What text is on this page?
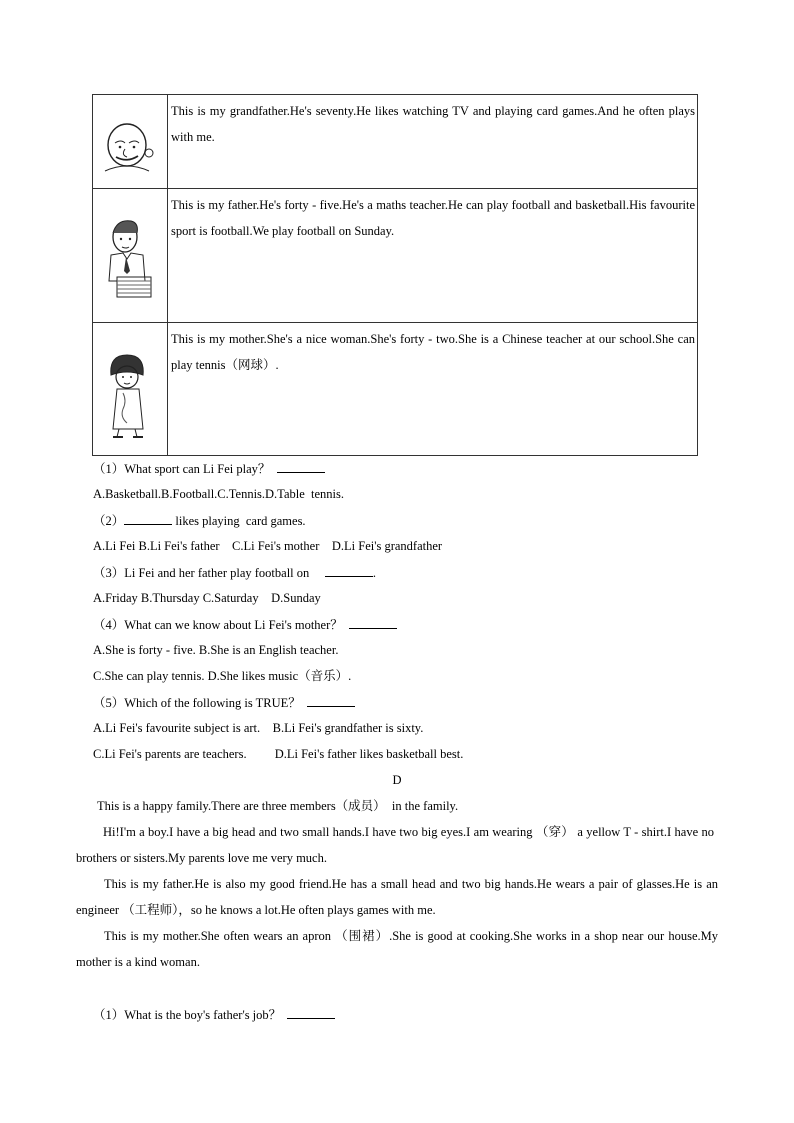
	This is my grandfather.He's seventy.He likes watching TV and playing card games.And he often plays with me.

	This is my father.He's forty - five.He's a maths teacher.He can play football and basketball.His favourite sport is football.We play football on Sunday.

	This is my mother.She's a nice woman.She's forty - two.She is a Chinese teacher at our school.She can play tennis（网球）.
（1）What sport can Li Fei play？
A.Basketball.B.Football.C.Tennis.D.Table  tennis.
（2）	likes playing  card games.
A.Li Fei B.Li Fei's father    C.Li Fei's mother    D.Li Fei's grandfather
（3）Li Fei and her father play football on	.
A.Friday B.Thursday C.Saturday    D.Sunday
（4）What can we know about Li Fei's mother？
A.She is forty - five. B.She is an English teacher.
C.She can play tennis. D.She likes music（音乐）.
（5）Which of the following is TRUE？
A.Li Fei's favourite subject is art.    B.Li Fei's grandfather is sixty.
C.Li Fei's parents are teachers.         D.Li Fei's father likes basketball best.
D
This is a happy family.There are three members（成员）  in the family.
Hi!I'm a boy.I have a big head and two small hands.I have two big eyes.I am wearing （穿） a yellow T - shirt.I have no brothers or sisters.My parents love me very much.
This is my father.He is also my good friend.He has a small head and two big hands.He wears a pair of glasses.He is an engineer （工程师），so he knows a lot.He often plays games with me.
This is my mother.She often wears an apron （围裙）.She is good at cooking.She works in a shop near our house.My mother is a kind woman.
（1）What is the boy's father's job？
